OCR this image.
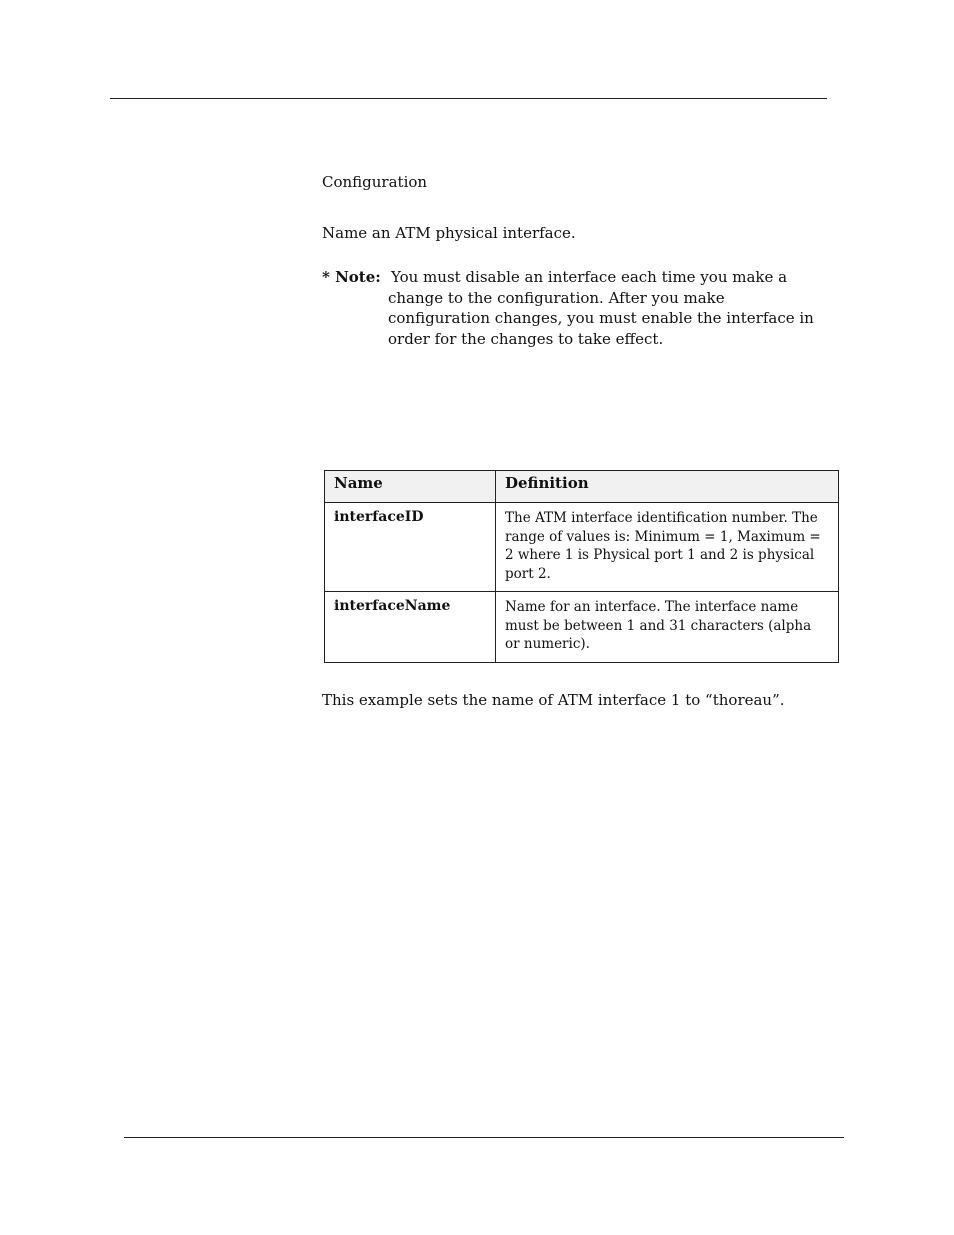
Configuration
Name an ATM physical interface.
* Note: You must disable an interface each time you make a
change to the configuration. After you make
configuration changes, you must enable the interface in
order for the changes to take effect.
Name	Definition
interfaceID	The ATM interface identification number. The range of values is: Minimum = 1, Maximum = 2 where 1 is Physical port 1 and 2 is physical port 2.
interfaceName	Name for an interface. The interface name must be between 1 and 31 characters (alpha or numeric).
This example sets the name of ATM interface 1 to “thoreau”.
